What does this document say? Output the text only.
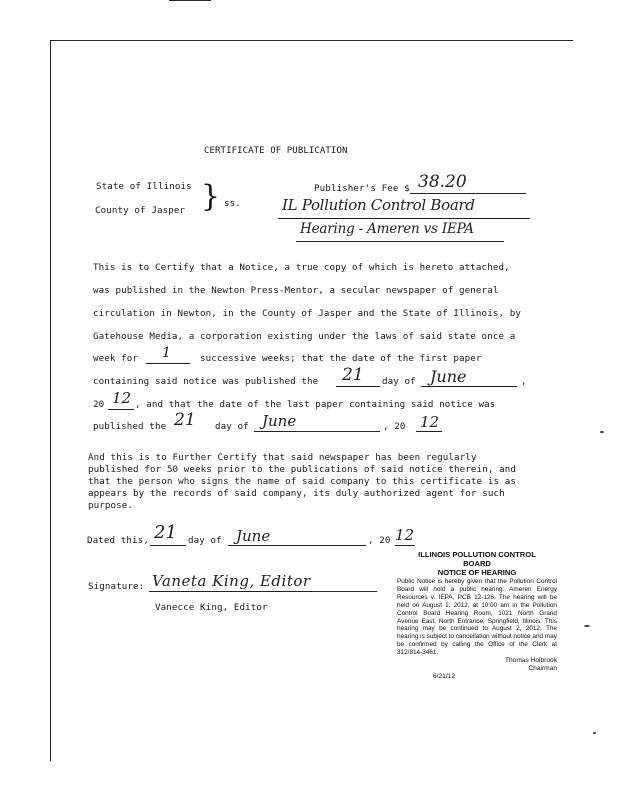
CERTIFICATE OF PUBLICATION
State of Illinois
County of Jasper } ss.
Publisher's Fee $ 38.20
IL Pollution Control Board
Hearing - Ameren vs IEPA
This is to Certify that a Notice, a true copy of which is hereto attached,
was published in the Newton Press-Mentor, a secular newspaper of general
circulation in Newton, in the County of Jasper and the State of Illinois, by
Gatehouse Media, a corporation existing under the laws of said state once a
week for 1	successive weeks; that the date of the first paper
containing said notice was published the 21 day of June	,
20 12 , and that the date of the last paper containing said notice was
published the 21 day of June	, 20 12
And this is to Further Certify that said newspaper has been regularly
published for 50 weeks prior to the publications of said notice therein, and
that the person who signs the name of said company to this certificate is as
appears by the records of said company, its duly authorized agent for such
purpose.
Dated this, 21 day of June	, 20 12
Signature: Vaneta King, Editor
Vanecce King, Editor
ILLINOIS POLLUTION CONTROL
BOARD
NOTICE OF HEARING
Public Notice is hereby given that the Pollution Control Board will hold a public hearing: Ameren Energy Resources v. IEPA, PCB 12-126. The hearing will be held on August 1, 2012, at 10:00 am in the Pollution Control Board Hearing Room, 1021 North Grand Avenue East, North Entrance, Springfield, Illinois. This hearing may be continued to August 2, 2012. The hearing is subject to cancellation without notice and may be confirmed by calling the Office of the Clerk at 312/814-3461.
Thomas Holbrook
Chairman
6/21/12
